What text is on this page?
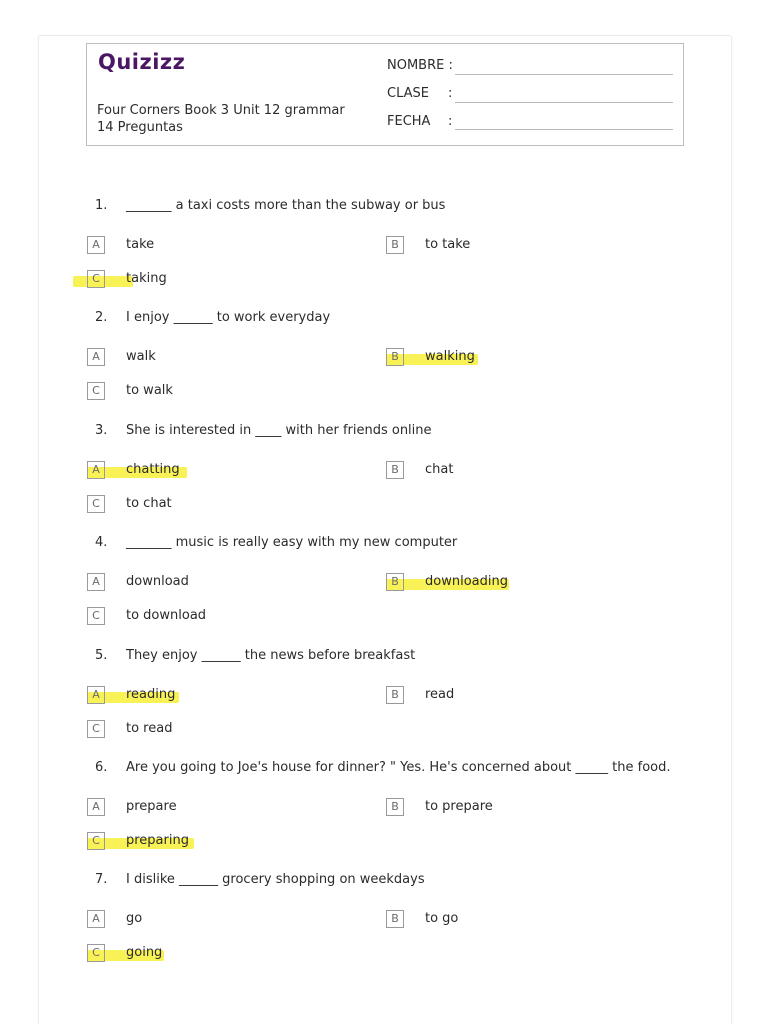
Quizizz
Four Corners Book 3 Unit 12 grammar
14 Preguntas
NOMBRE :
CLASE :
FECHA :
1. _______ a taxi costs more than the subway or bus
A	take	B	to take
C	taking
2. I enjoy ______ to work everyday
A	walk	B	walking
C	to walk
3. She is interested in ____ with her friends online
A	chatting	B	chat
C	to chat
4. _______ music is really easy with my new computer
A	download	B	downloading
C	to download
5. They enjoy ______ the news before breakfast
A	reading	B	read
C	to read
6. Are you going to Joe's house for dinner? " Yes. He's concerned about _____ the food.
A	prepare	B	to prepare
C	preparing
7. I dislike ______ grocery shopping on weekdays
A	go	B	to go
C	going
